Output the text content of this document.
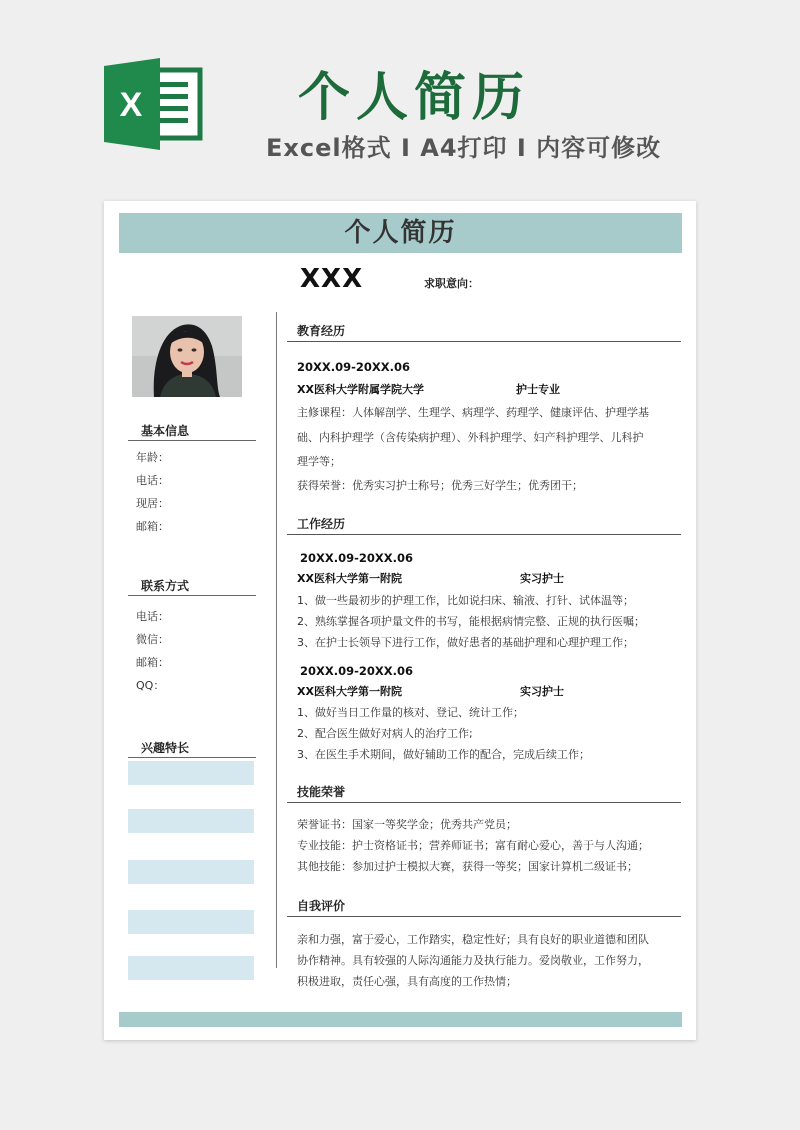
X	个人简历
Excel格式 I A4打印 I 内容可修改
个人简历
XXX	求职意向：
基本信息
年龄：
电话：
现居：
邮箱：
联系方式
电话：
微信：
邮箱：
QQ：
兴趣特长
教育经历
20XX.09-20XX.06
XX医科大学附属学院大学	护士专业
主修课程：人体解剖学、生理学、病理学、药理学、健康评估、护理学基
础、内科护理学（含传染病护理）、外科护理学、妇产科护理学、儿科护
理学等；
获得荣誉：优秀实习护士称号；优秀三好学生；优秀团干；
工作经历
20XX.09-20XX.06
XX医科大学第一附院	实习护士
1、做一些最初步的护理工作，比如说扫床、输液、打针、试体温等；
2、熟练掌握各项护量文件的书写，能根据病情完整、正规的执行医嘱；
3、在护士长领导下进行工作，做好患者的基础护理和心理护理工作；
20XX.09-20XX.06
XX医科大学第一附院	实习护士
1、做好当日工作量的核对、登记、统计工作；
2、配合医生做好对病人的治疗工作;
3、在医生手术期间，做好辅助工作的配合，完成后续工作；
技能荣誉
荣誉证书：国家一等奖学金；优秀共产党员；
专业技能：护士资格证书；营养师证书；富有耐心爱心，善于与人沟通；
其他技能：参加过护士模拟大赛，获得一等奖；国家计算机二级证书；
自我评价
亲和力强，富于爱心，工作踏实，稳定性好；具有良好的职业道德和团队
协作精神。具有较强的人际沟通能力及执行能力。爱岗敬业，工作努力，
积极进取，责任心强，具有高度的工作热情；
